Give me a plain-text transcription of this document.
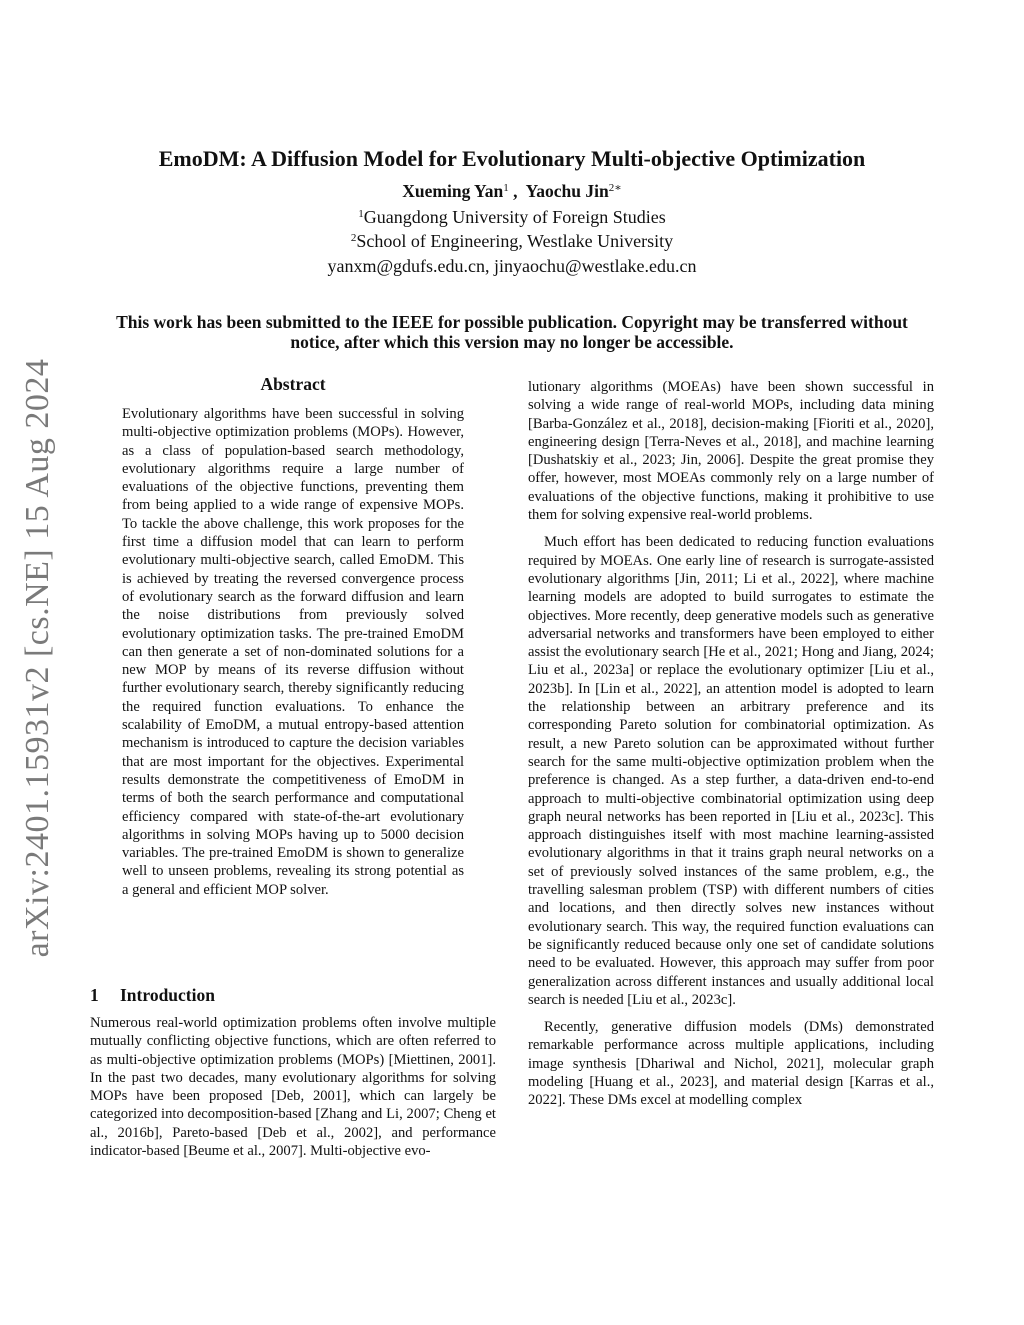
arXiv:2401.15931v2 [cs.NE] 15 Aug 2024
EmoDM: A Diffusion Model for Evolutionary Multi-objective Optimization
Xueming Yan$^1$ ,  Yaochu Jin$^{2∗}$
$^1$Guangdong University of Foreign Studies
$^2$School of Engineering, Westlake University
yanxm@gdufs.edu.cn, jinyaochu@westlake.edu.cn
This work has been submitted to the IEEE for possible publication. Copyright may be transferred without notice, after which this version may no longer be accessible.
Abstract

Evolutionary algorithms have been successful in solving multi-objective optimization problems (MOPs). However, as a class of population-based search methodology, evolutionary algorithms require a large number of evaluations of the objective functions, preventing them from being applied to a wide range of expensive MOPs. To tackle the above challenge, this work proposes for the first time a diffusion model that can learn to perform evolutionary multi-objective search, called EmoDM. This is achieved by treating the reversed convergence process of evolutionary search as the forward diffusion and learn the noise distributions from previously solved evolutionary optimization tasks. The pre-trained EmoDM can then generate a set of non-dominated solutions for a new MOP by means of its reverse diffusion without further evolutionary search, thereby significantly reducing the required function evaluations. To enhance the scalability of EmoDM, a mutual entropy-based attention mechanism is introduced to capture the decision variables that are most important for the objectives. Experimental results demonstrate the competitiveness of EmoDM in terms of both the search performance and computational efficiency compared with state-of-the-art evolutionary algorithms in solving MOPs having up to 5000 decision variables. The pre-trained EmoDM is shown to generalize well to unseen problems, revealing its strong potential as a general and efficient MOP solver.

1 Introduction

Numerous real-world optimization problems often involve multiple mutually conflicting objective functions, which are often referred to as multi-objective optimization problems (MOPs) [Miettinen, 2001]. In the past two decades, many evolutionary algorithms for solving MOPs have been proposed [Deb, 2001], which can largely be categorized into decomposition-based [Zhang and Li, 2007; Cheng et al., 2016b], Pareto-based [Deb et al., 2002], and performance indicator-based [Beume et al., 2007]. Multi-objective evo-

lutionary algorithms (MOEAs) have been shown successful in solving a wide range of real-world MOPs, including data mining [Barba-González et al., 2018], decision-making [Fioriti et al., 2020], engineering design [Terra-Neves et al., 2018], and machine learning [Dushatskiy et al., 2023; Jin, 2006]. Despite the great promise they offer, however, most MOEAs commonly rely on a large number of evaluations of the objective functions, making it prohibitive to use them for solving expensive real-world problems.

Much effort has been dedicated to reducing function evaluations required by MOEAs. One early line of research is surrogate-assisted evolutionary algorithms [Jin, 2011; Li et al., 2022], where machine learning models are adopted to build surrogates to estimate the objectives. More recently, deep generative models such as generative adversarial networks and transformers have been employed to either assist the evolutionary search [He et al., 2021; Hong and Jiang, 2024; Liu et al., 2023a] or replace the evolutionary optimizer [Liu et al., 2023b]. In [Lin et al., 2022], an attention model is adopted to learn the relationship between an arbitrary preference and its corresponding Pareto solution for combinatorial optimization. As result, a new Pareto solution can be approximated without further search for the same multi-objective optimization problem when the preference is changed. As a step further, a data-driven end-to-end approach to multi-objective combinatorial optimization using deep graph neural networks has been reported in [Liu et al., 2023c]. This approach distinguishes itself with most machine learning-assisted evolutionary algorithms in that it trains graph neural networks on a set of previously solved instances of the same problem, e.g., the travelling salesman problem (TSP) with different numbers of cities and locations, and then directly solves new instances without evolutionary search. This way, the required function evaluations can be significantly reduced because only one set of candidate solutions need to be evaluated. However, this approach may suffer from poor generalization across different instances and usually additional local search is needed [Liu et al., 2023c].

Recently, generative diffusion models (DMs) demonstrated remarkable performance across multiple applications, including image synthesis [Dhariwal and Nichol, 2021], molecular graph modeling [Huang et al., 2023], and material design [Karras et al., 2022]. These DMs excel at modelling complex
